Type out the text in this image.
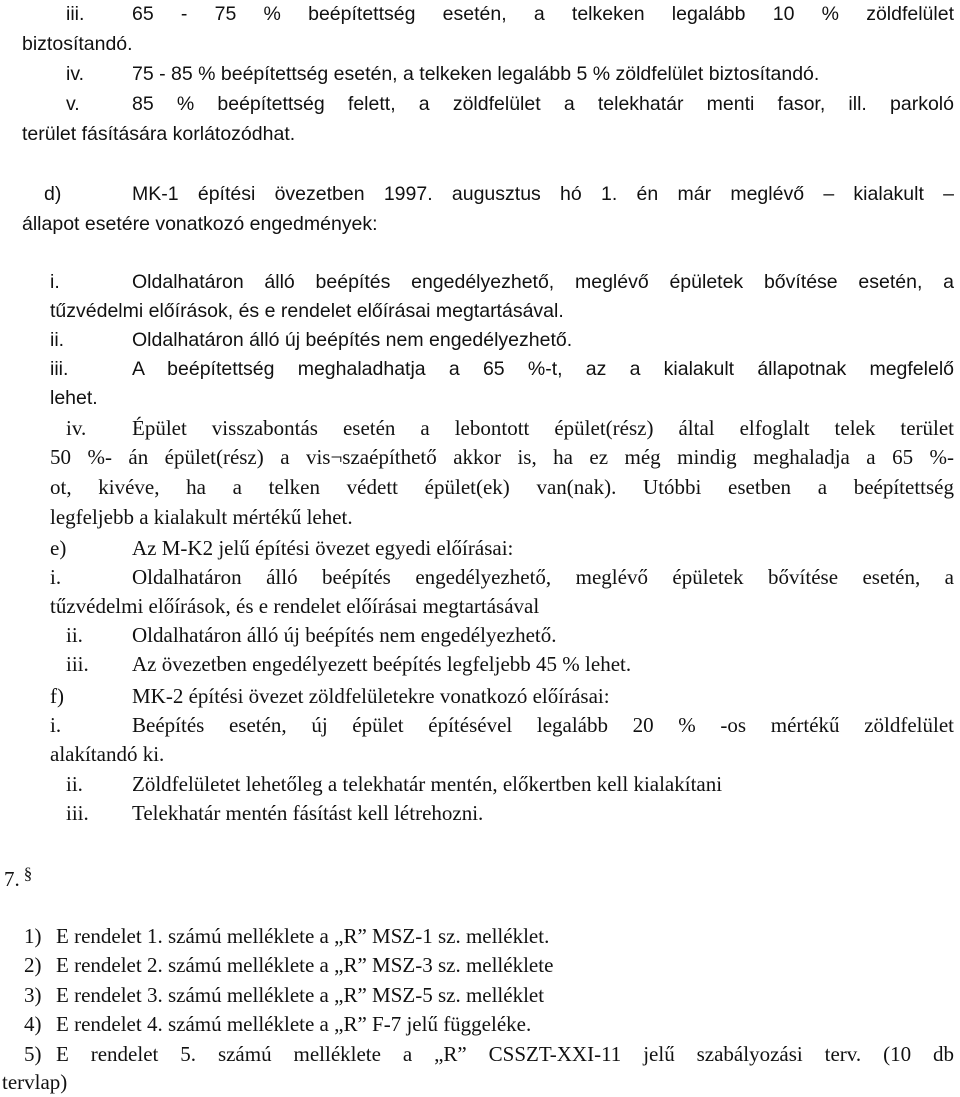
iii. 65 - 75 % beépítettség esetén, a telkeken legalább 10 % zöldfelület
biztosítandó.
iv. 75 - 85 % beépítettség esetén, a telkeken legalább 5 % zöldfelület biztosítandó.
v.	85 % beépítettség felett, a zöldfelület a telekhatár menti fasor, ill. parkoló
terület fásítására korlátozódhat.
d)	MK-1 építési övezetben 1997. augusztus hó 1. én már meglévő – kialakult –
állapot esetére vonatkozó engedmények:
i.	Oldalhatáron álló beépítés engedélyezhető, meglévő épületek bővítése esetén, a
tűzvédelmi előírások, és e rendelet előírásai megtartásával.
ii.	Oldalhatáron álló új beépítés nem engedélyezhető.
iii.	A beépítettség meghaladhatja a 65 %-t, az a kialakult állapotnak megfelelő
lehet.
iv. Épület visszabontás esetén a lebontott épület(rész) által elfoglalt telek terület
50 %- án épület(rész) a vis¬szaépíthető akkor is, ha ez még mindig meghaladja a 65 %-
ot, kivéve, ha a telken védett épület(ek) van(nak). Utóbbi esetben a beépítettség
legfeljebb a kialakult mértékű lehet.
e)	Az M-K2 jelű építési övezet egyedi előírásai:
i.	Oldalhatáron álló beépítés engedélyezhető, meglévő épületek bővítése esetén, a
tűzvédelmi előírások, és e rendelet előírásai megtartásával
ii. Oldalhatáron álló új beépítés nem engedélyezhető.
iii. Az övezetben engedélyezett beépítés legfeljebb 45 % lehet.
f)	MK-2 építési övezet zöldfelületekre vonatkozó előírásai:
i.	Beépítés esetén, új épület építésével legalább 20 % -os mértékű zöldfelület
alakítandó ki.
ii. Zöldfelületet lehetőleg a telekhatár mentén, előkertben kell kialakítani
iii. Telekhatár mentén fásítást kell létrehozni.
7. §
1) E rendelet 1. számú melléklete a „R” MSZ-1 sz. melléklet.
2) E rendelet 2. számú melléklete a „R” MSZ-3 sz. melléklete
3) E rendelet 3. számú melléklete a „R” MSZ-5 sz. melléklet
4) E rendelet 4. számú melléklete a „R” F-7 jelű függeléke.
5) E rendelet 5. számú melléklete a „R” CSSZT-XXI-11 jelű szabályozási terv. (10 db
tervlap)
